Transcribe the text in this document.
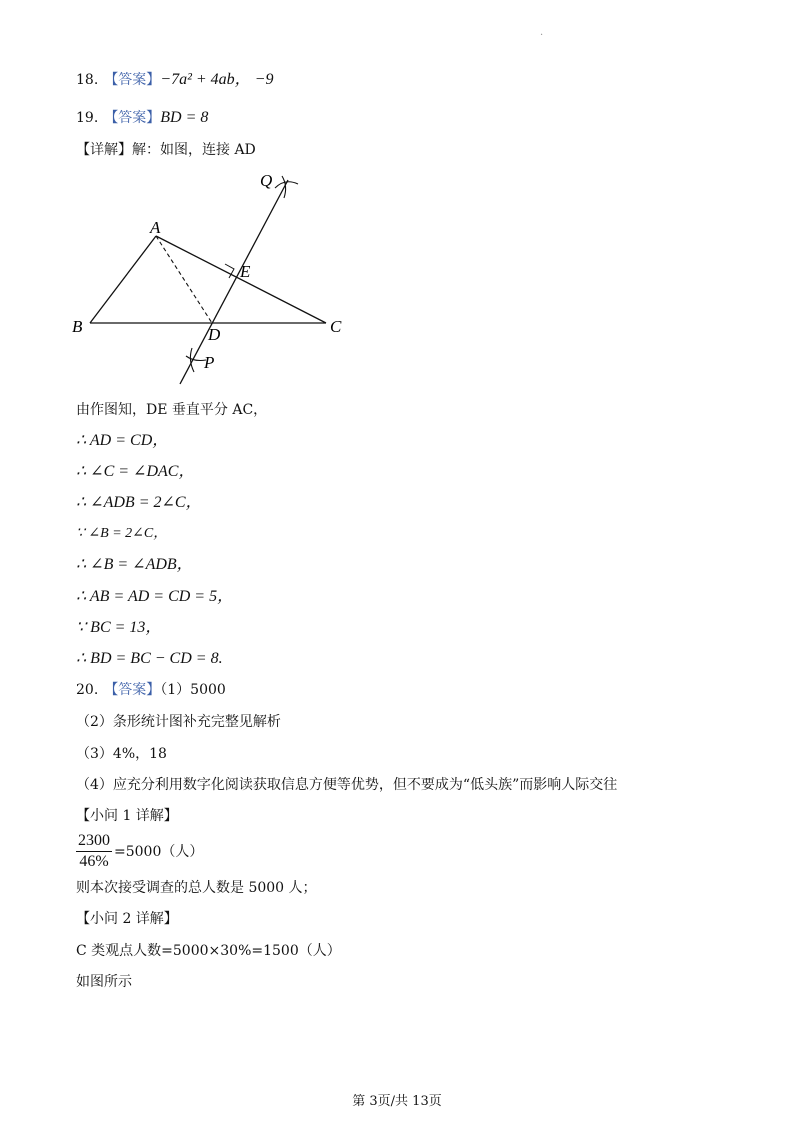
·
18. 【答案】−7a² + 4ab， −9
19. 【答案】BD = 8
【详解】解：如图，连接 AD
Q
A
E
B	D	C
P
由作图知，DE 垂直平分 AC，
∴ AD = CD，
∴ ∠C = ∠DAC，
∴ ∠ADB = 2∠C，
∵ ∠B = 2∠C，
∴ ∠B = ∠ADB，
∴ AB = AD = CD = 5，
∵ BC = 13，
∴ BD = BC − CD = 8.
20. 【答案】（1）5000
（2）条形统计图补充完整见解析
（3）4%，18
（4）应充分利用数字化阅读获取信息方便等优势，但不要成为“低头族”而影响人际交往
【小问 1 详解】
$\frac{2300}{46\%} =5000$（人）
则本次接受调查的总人数是 5000 人；
【小问 2 详解】
C 类观点人数=5000×30%=1500（人）
如图所示
第 3页/共 13页
